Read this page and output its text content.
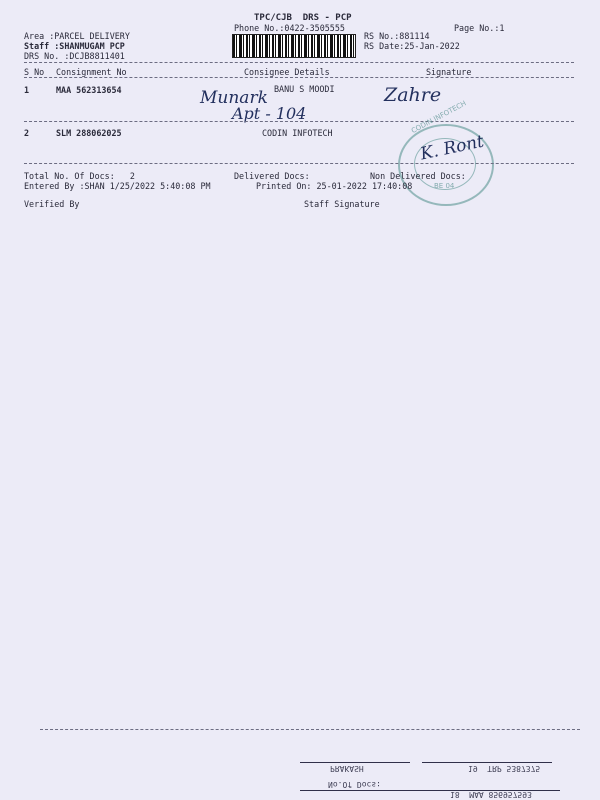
TPC/CJB  DRS - PCP
Phone No.:0422-3505555
Area :PARCEL DELIVERY
Staff :SHANMUGAM PCP
DRS No. :DCJB8811401
Page No.:1
RS No.:881114
RS Date:25-Jan-2022
S No Consignment No	Consignee Details	Signature
1	MAA 562313654	BANU S MOODI
Munark
Apt - 104
Zahre
2	SLM 288062025	CODIN INFOTECH	CODIN INFOTECH
BE 04
K. Ront
Total No. Of Docs:   2	Delivered Docs:	Non Delivered Docs:
Entered By :SHAN 1/25/2022 5:40:08 PM	Printed On: 25-01-2022 17:40:08
Verified By	Staff Signature
19  TRP 5387375
PRAKASH
No.Of Docs:
18  MAA 856957593
